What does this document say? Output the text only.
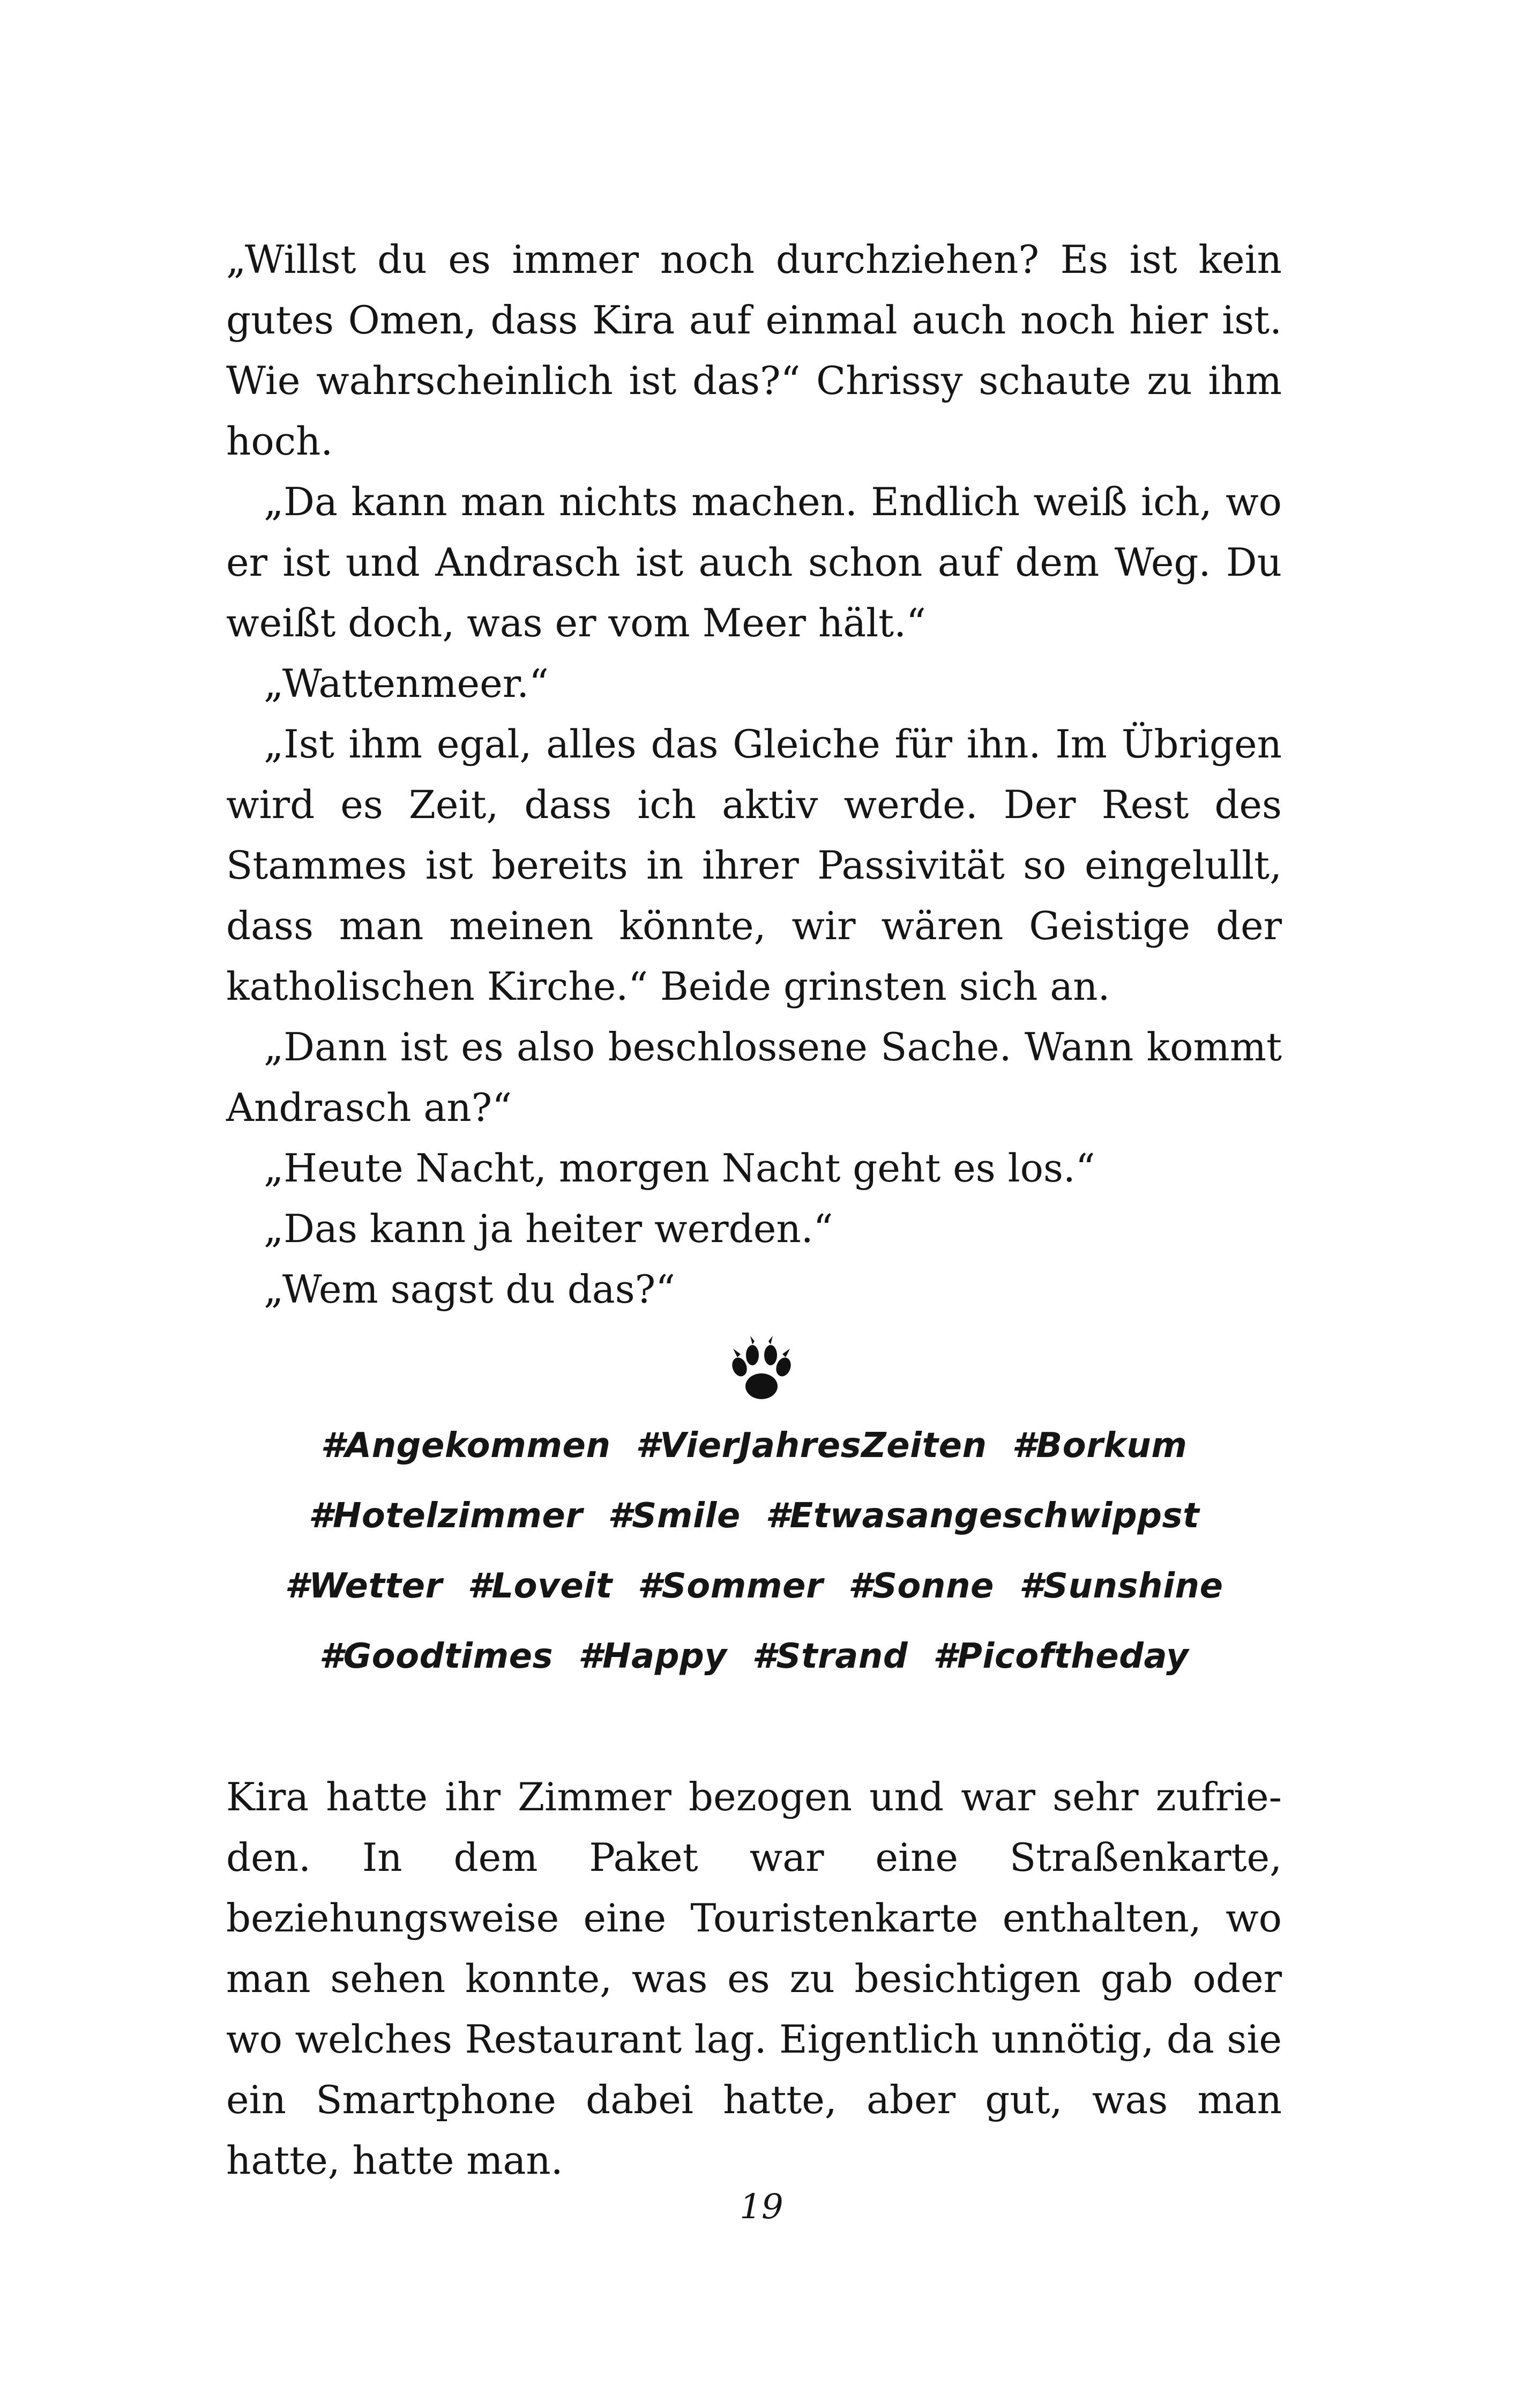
„Willst du es immer noch durchziehen? Es ist kein gutes Omen, dass Kira auf einmal auch noch hier ist. Wie wahrscheinlich ist das?“ Chrissy schaute zu ihm hoch.

„Da kann man nichts machen. Endlich weiß ich, wo er ist und Andrasch ist auch schon auf dem Weg. Du weißt doch, was er vom Meer hält.“

„Wattenmeer.“

„Ist ihm egal, alles das Gleiche für ihn. Im Übrigen wird es Zeit, dass ich aktiv werde. Der Rest des Stammes ist bereits in ihrer Passivität so eingelullt, dass man meinen könnte, wir wären Geistige der katholischen Kirche.“ Beide grinsten sich an.

„Dann ist es also beschlossene Sache. Wann kommt Andrasch an?“

„Heute Nacht, morgen Nacht geht es los.“

„Das kann ja heiter werden.“

„Wem sagst du das?“

#Angekommen #VierJahresZeiten #Borkum #Hotelzimmer #Smile #Etwasangeschwippst #Wetter #Loveit #Sommer #Sonne #Sunshine #Goodtimes #Happy #Strand #Picoftheday

Kira hatte ihr Zimmer bezogen und war sehr zufrieden. In dem Paket war eine Straßenkarte, beziehungsweise eine Touristenkarte enthalten, wo man sehen konnte, was es zu besichtigen gab oder wo welches Restaurant lag. Eigentlich unnötig, da sie ein Smartphone dabei hatte, aber gut, was man hatte, hatte man.

19
